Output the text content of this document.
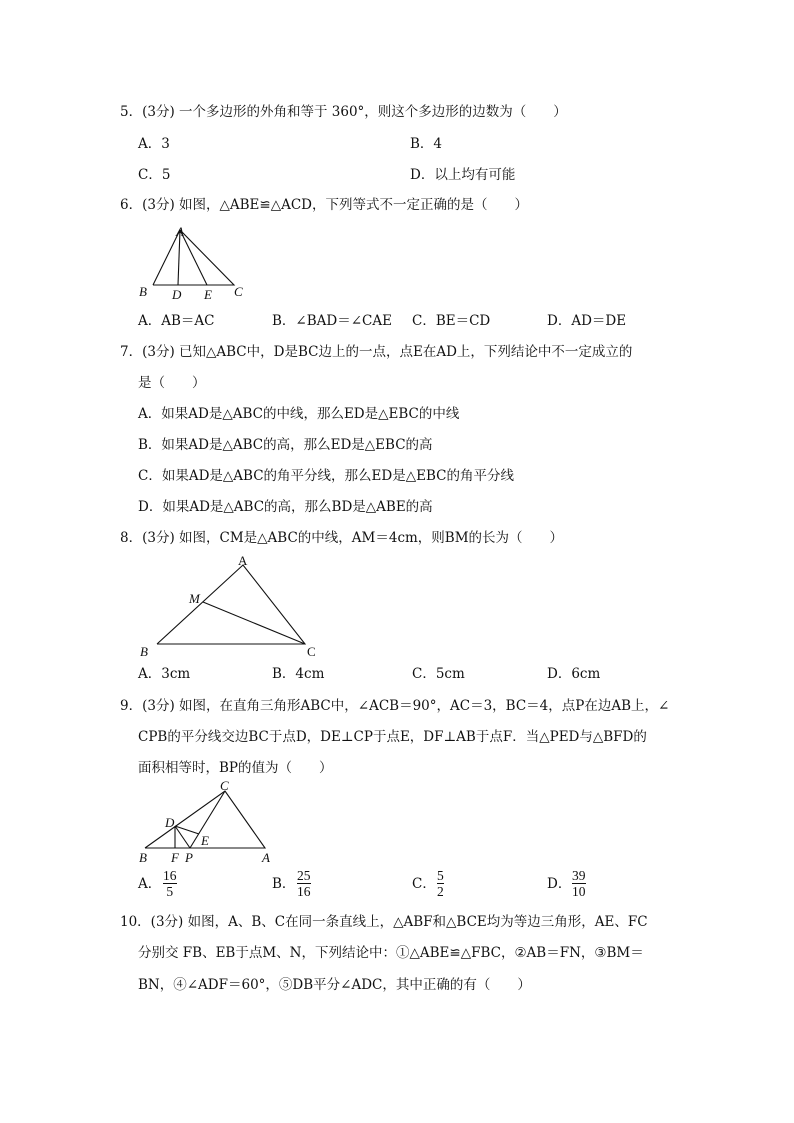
5．(3分) 一个多边形的外角和等于 360°，则这个多边形的边数为（　　）
A．3	B．4
C．5	D．以上均有可能
6．(3分) 如图，△ABE≌△ACD，下列等式不一定正确的是（　　）
A
B D E C
A．AB＝AC	B．∠BAD＝∠CAE C．BE＝CD	D．AD＝DE
7．(3分) 已知△ABC中，D是BC边上的一点，点E在AD上，下列结论中不一定成立的
是（　　）
A．如果AD是△ABC的中线，那么ED是△EBC的中线
B．如果AD是△ABC的高，那么ED是△EBC的高
C．如果AD是△ABC的角平分线，那么ED是△EBC的角平分线
D．如果AD是△ABC的高，那么BD是△ABE的高
8．(3分) 如图，CM是△ABC的中线，AM＝4cm，则BM的长为（　　）
A
M
B	C
A．3cm	B．4cm	C．5cm	D．6cm
9．(3分) 如图，在直角三角形ABC中，∠ACB＝90°，AC＝3，BC＝4，点P在边AB上，∠
CPB的平分线交边BC于点D，DE⊥CP于点E，DF⊥AB于点F．当△PED与△BFD的
面积相等时，BP的值为（　　）
C
D
E
B F P	A
A．
16
5	B．
25
16	C．
5
2	D．
39
10
10．(3分) 如图，A、B、C在同一条直线上，△ABF和△BCE均为等边三角形，AE、FC
分别交 FB、EB于点M、N，下列结论中：①△ABE≌△FBC，②AB＝FN，③BM＝
BN，④∠ADF＝60°，⑤DB平分∠ADC，其中正确的有（　　）
